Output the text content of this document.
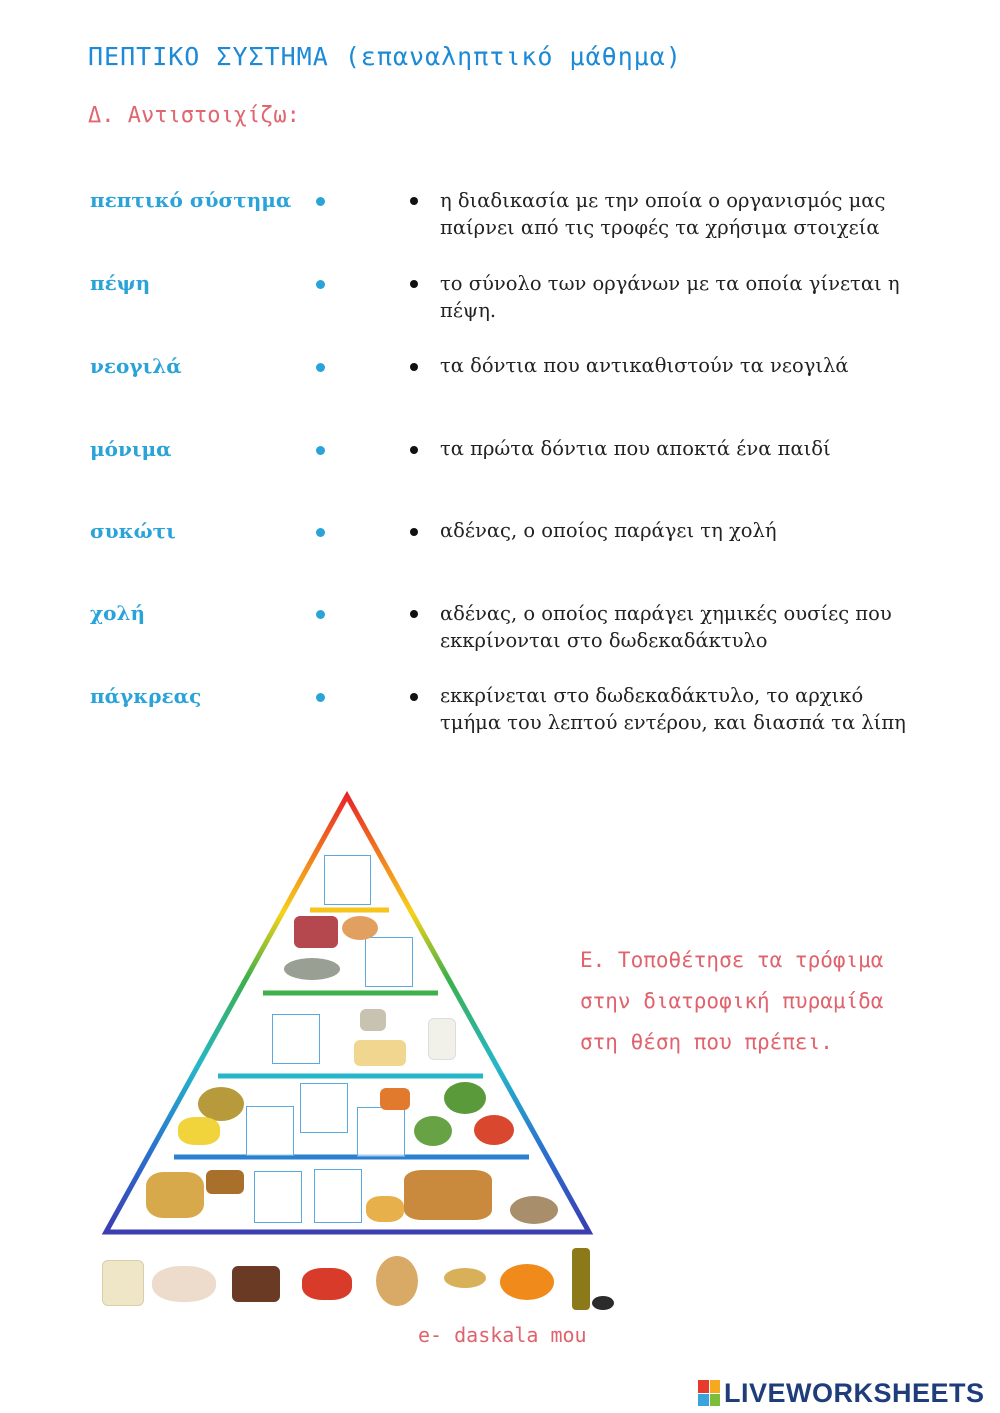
ΠΕΠΤΙΚΟ ΣΥΣΤΗΜΑ (επαναληπτικό μάθημα)
Δ. Αντιστοιχίζω:
πεπτικό σύστημα
πέψη
νεογιλά
μόνιμα
συκώτι
χολή
πάγκρεας
η διαδικασία με την οποία ο οργανισμός μας παίρνει από τις τροφές τα χρήσιμα στοιχεία
το σύνολο των οργάνων με τα οποία γίνεται η πέψη.
τα δόντια που αντικαθιστούν τα νεογιλά
τα πρώτα δόντια που αποκτά ένα παιδί
αδένας, ο οποίος παράγει τη χολή
αδένας, ο οποίος παράγει χημικές ουσίες που εκκρίνονται στο δωδεκαδάκτυλο
εκκρίνεται στο δωδεκαδάκτυλο, το αρχικό τμήμα του λεπτού εντέρου, και διασπά τα λίπη
Ε. Τοποθέτησε τα τρόφιμα
στην διατροφική πυραμίδα
στη θέση που πρέπει.
e- daskala mou
LIVEWORKSHEETS
